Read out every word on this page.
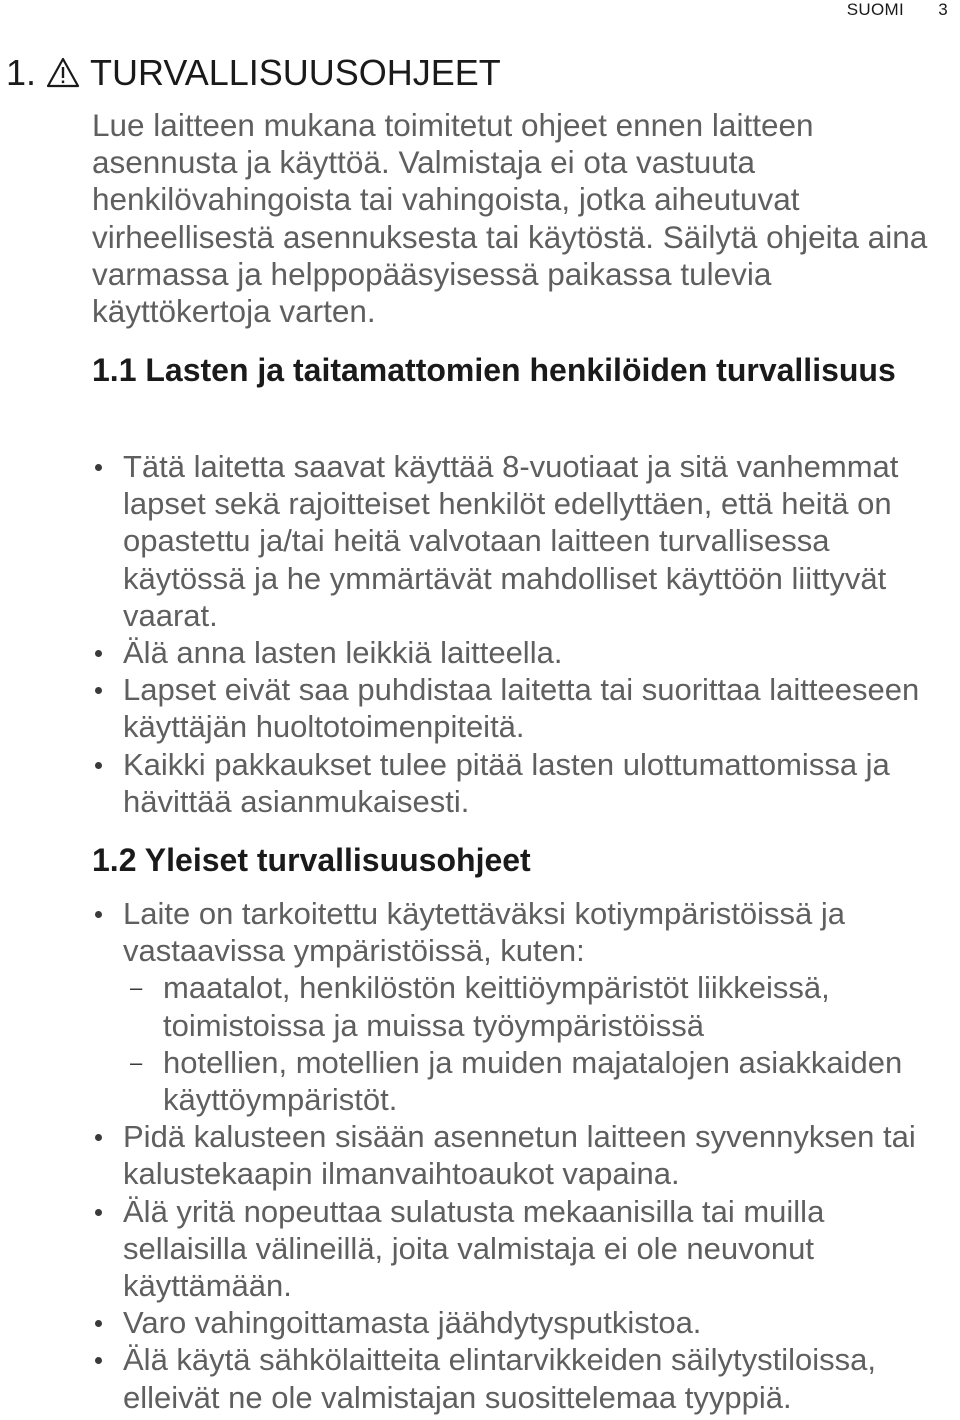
SUOMI 3
1. TURVALLISUUSOHJEET

Lue laitteen mukana toimitetut ohjeet ennen laitteen asennusta ja käyttöä. Valmistaja ei ota vastuuta henkilövahingoista tai vahingoista, jotka aiheutuvat virheellisestä asennuksesta tai käytöstä. Säilytä ohjeita aina varmassa ja helppopääsyisessä paikassa tulevia käyttökertoja varten.

1.1 Lasten ja taitamattomien henkilöiden turvallisuus
Tätä laitetta saavat käyttää 8-vuotiaat ja sitä vanhemmat lapset sekä rajoitteiset henkilöt edellyttäen, että heitä on opastettu ja/tai heitä valvotaan laitteen turvallisessa käytössä ja he ymmärtävät mahdolliset käyttöön liittyvät vaarat.
Älä anna lasten leikkiä laitteella.
Lapset eivät saa puhdistaa laitetta tai suorittaa laitteeseen käyttäjän huoltotoimenpiteitä.
Kaikki pakkaukset tulee pitää lasten ulottumattomissa ja hävittää asianmukaisesti.
1.2 Yleiset turvallisuusohjeet
Laite on tarkoitettu käytettäväksi kotiympäristöissä ja vastaavissa ympäristöissä, kuten:
– maatalot, henkilöstön keittiöympäristöt liikkeissä, toimistoissa ja muissa työympäristöissä
– hotellien, motellien ja muiden majatalojen asiakkaiden käyttöympäristöt.
Pidä kalusteen sisään asennetun laitteen syvennyksen tai kalustekaapin ilmanvaihtoaukot vapaina.
Älä yritä nopeuttaa sulatusta mekaanisilla tai muilla sellaisilla välineillä, joita valmistaja ei ole neuvonut käyttämään.
Varo vahingoittamasta jäähdytysputkistoa.
Älä käytä sähkölaitteita elintarvikkeiden säilytystiloissa, elleivät ne ole valmistajan suosittelemaa tyyppiä.
